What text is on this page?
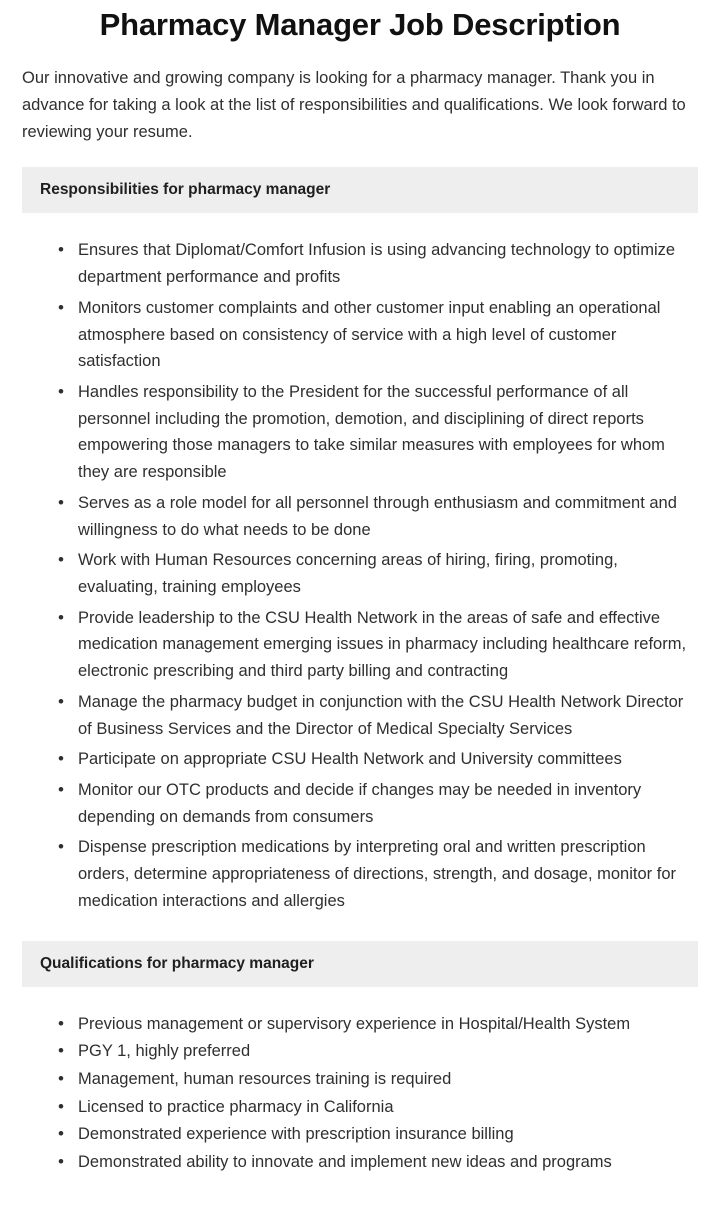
Pharmacy Manager Job Description

Our innovative and growing company is looking for a pharmacy manager. Thank you in advance for taking a look at the list of responsibilities and qualifications. We look forward to reviewing your resume.

Responsibilities for pharmacy manager
• Ensures that Diplomat/Comfort Infusion is using advancing technology to optimize department performance and profits
• Monitors customer complaints and other customer input enabling an operational atmosphere based on consistency of service with a high level of customer satisfaction
• Handles responsibility to the President for the successful performance of all personnel including the promotion, demotion, and disciplining of direct reports empowering those managers to take similar measures with employees for whom they are responsible
• Serves as a role model for all personnel through enthusiasm and commitment and willingness to do what needs to be done
• Work with Human Resources concerning areas of hiring, firing, promoting, evaluating, training employees
• Provide leadership to the CSU Health Network in the areas of safe and effective medication management emerging issues in pharmacy including healthcare reform, electronic prescribing and third party billing and contracting
• Manage the pharmacy budget in conjunction with the CSU Health Network Director of Business Services and the Director of Medical Specialty Services
• Participate on appropriate CSU Health Network and University committees
• Monitor our OTC products and decide if changes may be needed in inventory depending on demands from consumers
• Dispense prescription medications by interpreting oral and written prescription orders, determine appropriateness of directions, strength, and dosage, monitor for medication interactions and allergies
Qualifications for pharmacy manager
• Previous management or supervisory experience in Hospital/Health System
• PGY 1, highly preferred
• Management, human resources training is required
• Licensed to practice pharmacy in California
• Demonstrated experience with prescription insurance billing
• Demonstrated ability to innovate and implement new ideas and programs
